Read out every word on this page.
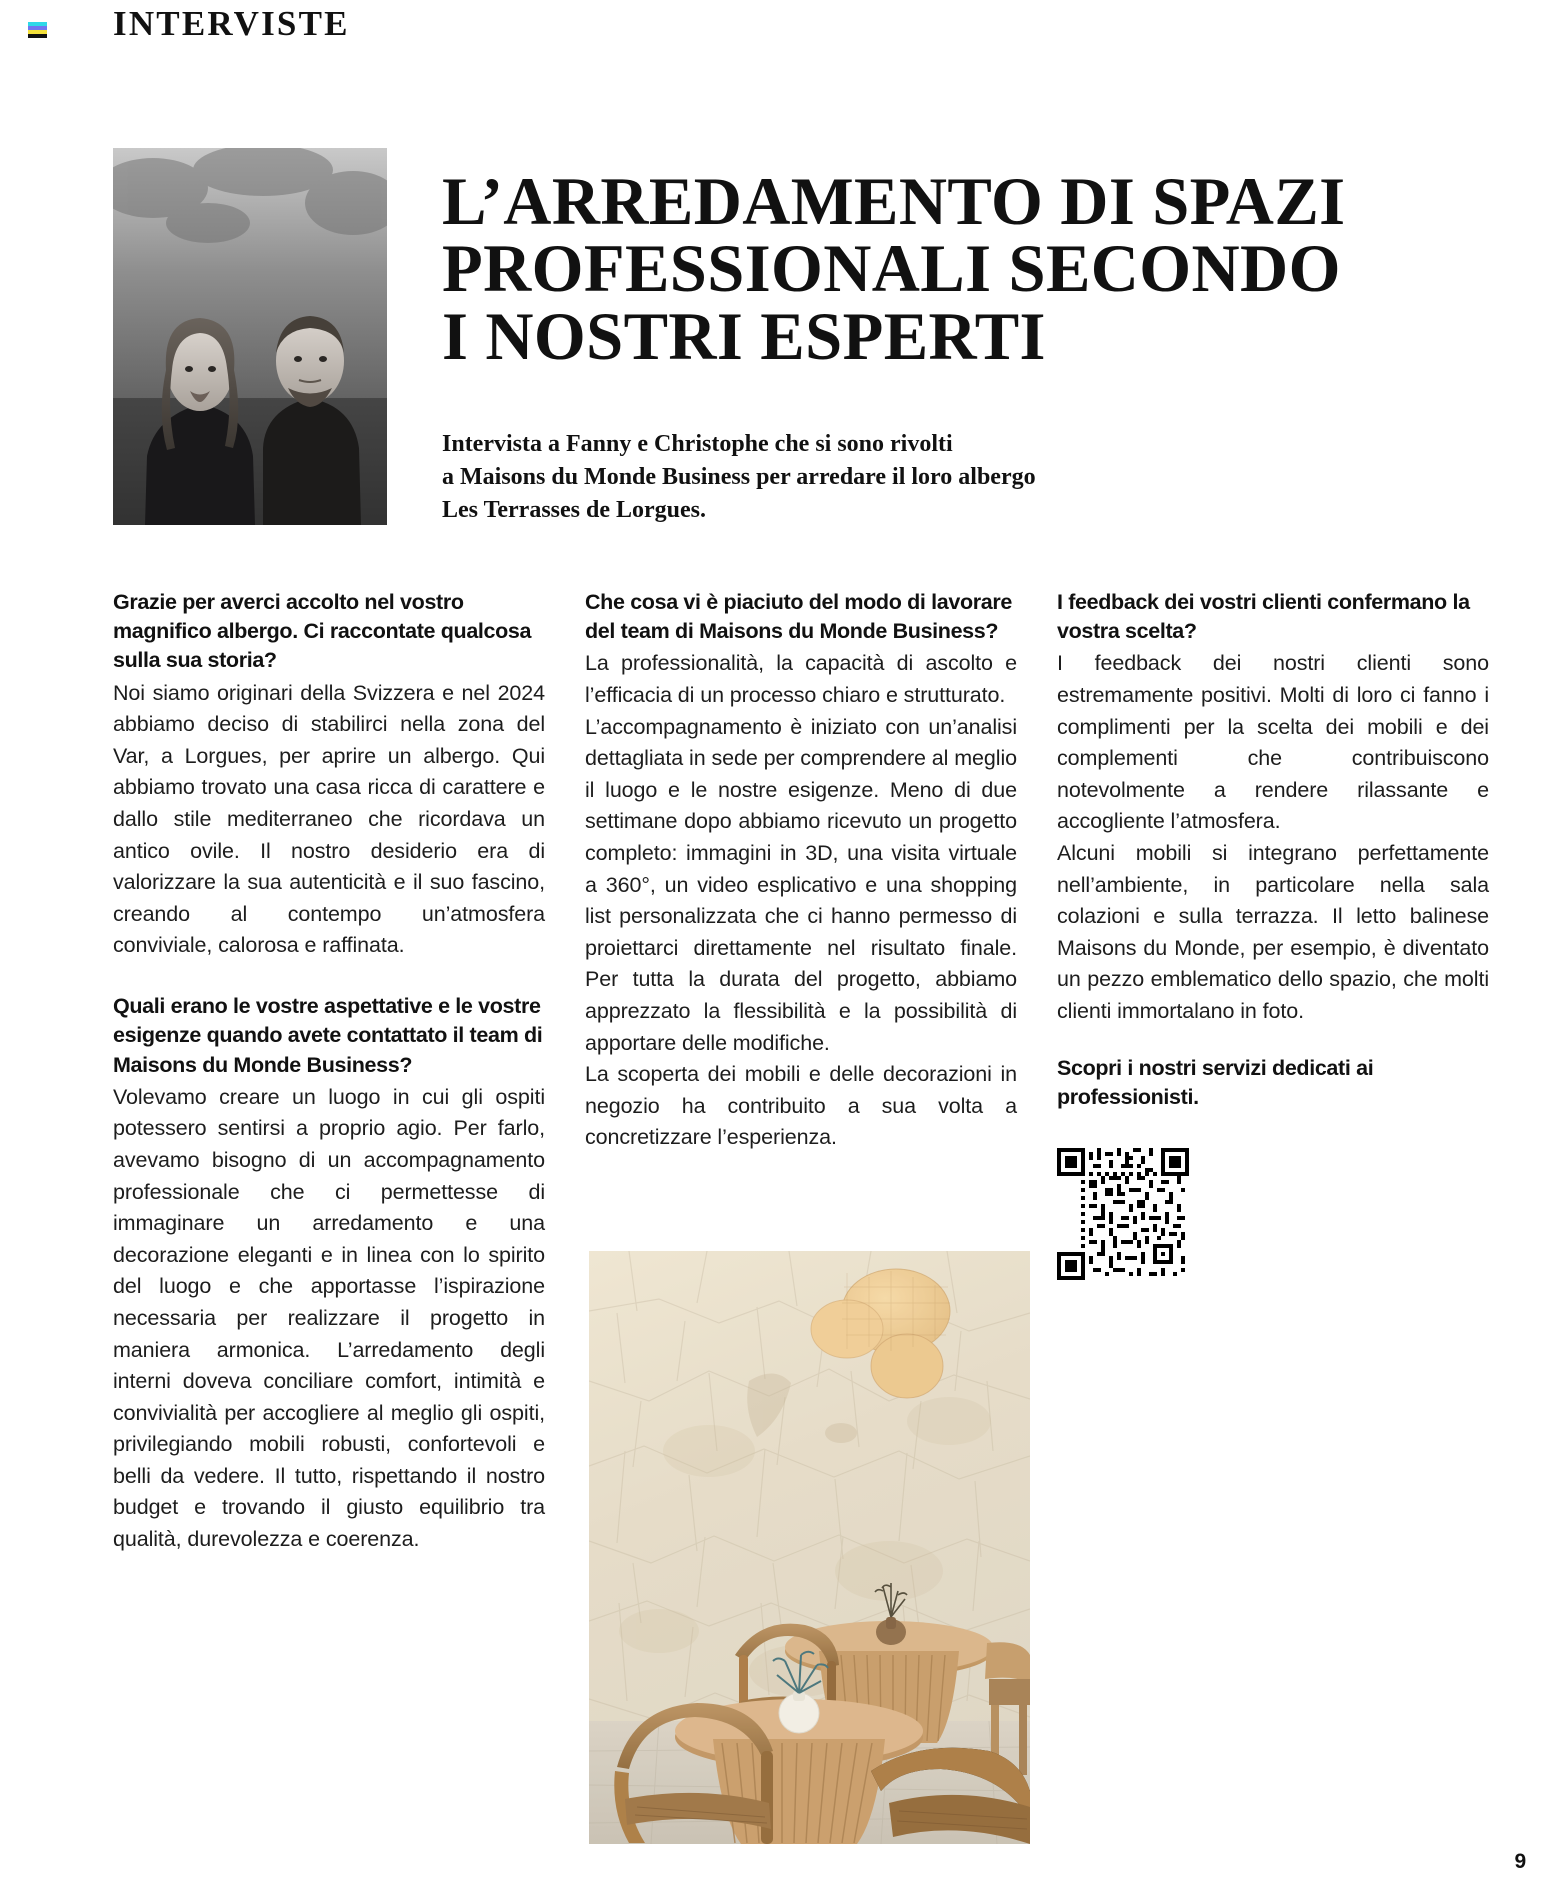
INTERVISTE
L’ARREDAMENTO DI SPAZI
PROFESSIONALI SECONDO
I NOSTRI ESPERTI
Intervista a Fanny e Christophe che si sono rivolti
a Maisons du Monde Business per arredare il loro albergo
Les Terrasses de Lorgues.

Grazie per averci accolto nel vostro magnifico albergo. Ci raccontate qualcosa sulla sua storia?

Noi siamo originari della Svizzera e nel 2024 abbiamo deciso di stabilirci nella zona del Var, a Lorgues, per aprire un albergo. Qui abbiamo trovato una casa ricca di carattere e dallo stile mediterraneo che ricordava un antico ovile. Il nostro desiderio era di valorizzare la sua autenticità e il suo fascino, creando al contempo un’atmosfera conviviale, calorosa e raffinata.

Quali erano le vostre aspettative e le vostre esigenze quando avete contattato il team di Maisons du Monde Business?

Volevamo creare un luogo in cui gli ospiti potessero sentirsi a proprio agio. Per farlo, avevamo bisogno di un accompagnamento professionale che ci permettesse di immaginare un arredamento e una decorazione eleganti e in linea con lo spirito del luogo e che apportasse l’ispirazione necessaria per realizzare il progetto in maniera armonica. L’arredamento degli interni doveva conciliare comfort, intimità e convivialità per accogliere al meglio gli ospiti, privilegiando mobili robusti, confortevoli e belli da vedere. Il tutto, rispettando il nostro budget e trovando il giusto equilibrio tra qualità, durevolezza e coerenza.

Che cosa vi è piaciuto del modo di lavorare del team di Maisons du Monde Business?

La professionalità, la capacità di ascolto e l’efficacia di un processo chiaro e strutturato.

L’accompagnamento è iniziato con un’analisi dettagliata in sede per comprendere al meglio il luogo e le nostre esigenze. Meno di due settimane dopo abbiamo ricevuto un progetto completo: immagini in 3D, una visita virtuale a 360°, un video esplicativo e una shopping list personalizzata che ci hanno permesso di proiettarci direttamente nel risultato finale. Per tutta la durata del progetto, abbiamo apprezzato la flessibilità e la possibilità di apportare delle modifiche.

La scoperta dei mobili e delle decorazioni in negozio ha contribuito a sua volta a concretizzare l’esperienza.

I feedback dei vostri clienti confermano la vostra scelta?

I feedback dei nostri clienti sono estremamente positivi. Molti di loro ci fanno i complimenti per la scelta dei mobili e dei complementi che contribuiscono notevolmente a rendere rilassante e accogliente l’atmosfera.

Alcuni mobili si integrano perfettamente nell’ambiente, in particolare nella sala colazioni e sulla terrazza. Il letto balinese Maisons du Monde, per esempio, è diventato un pezzo emblematico dello spazio, che molti clienti immortalano in foto.

Scopri i nostri servizi dedicati ai professionisti.

9
